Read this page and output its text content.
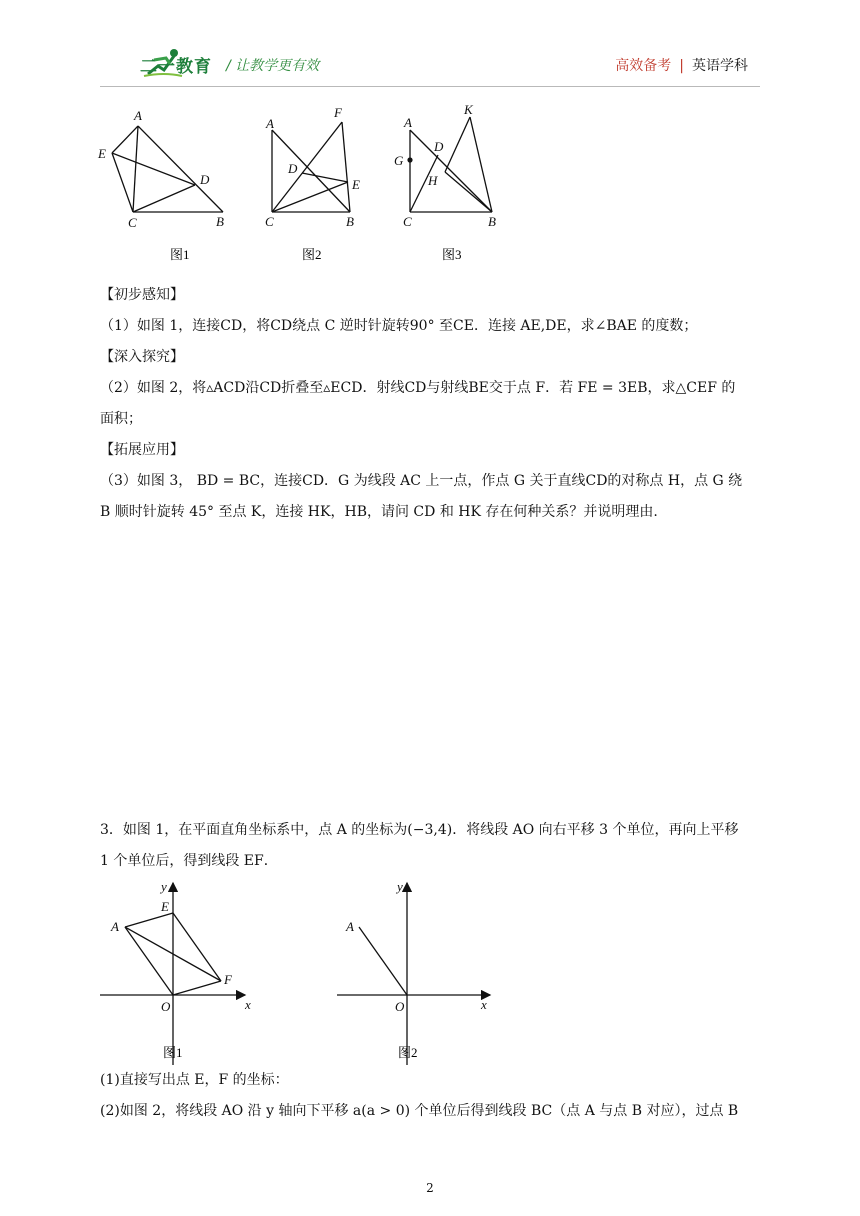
二一教育 / 让教学更有效	高效备考 | 英语学科
A
E
D
C	B
图1
A
F
D
E
C	B
图2
A
K
D
G
H
C	B
图3
【初步感知】
（1）如图 1，连接CD，将CD绕点 C 逆时针旋转90° 至CE．连接 AE,DE，求∠BAE 的度数；
【深入探究】
（2）如图 2，将▵ACD沿CD折叠至▵ECD．射线CD与射线BE交于点 F．若 FE = 3EB，求△CEF 的
面积；
【拓展应用】
（3）如图 3， BD = BC，连接CD．G 为线段 AC 上一点，作点 G 关于直线CD的对称点 H，点 G 绕
B 顺时针旋转 45° 至点 K，连接 HK，HB，请问 CD 和 HK 存在何种关系？并说明理由.
3．如图 1，在平面直角坐标系中，点 A 的坐标为(−3,4)．将线段 AO 向右平移 3 个单位，再向上平移
1 个单位后，得到线段 EF．
y
E
A
F
O	x
图1
y
A
O	x
图2
(1)直接写出点 E，F 的坐标：
(2)如图 2，将线段 AO 沿 y 轴向下平移 a(a > 0) 个单位后得到线段 BC（点 A 与点 B 对应），过点 B
2
